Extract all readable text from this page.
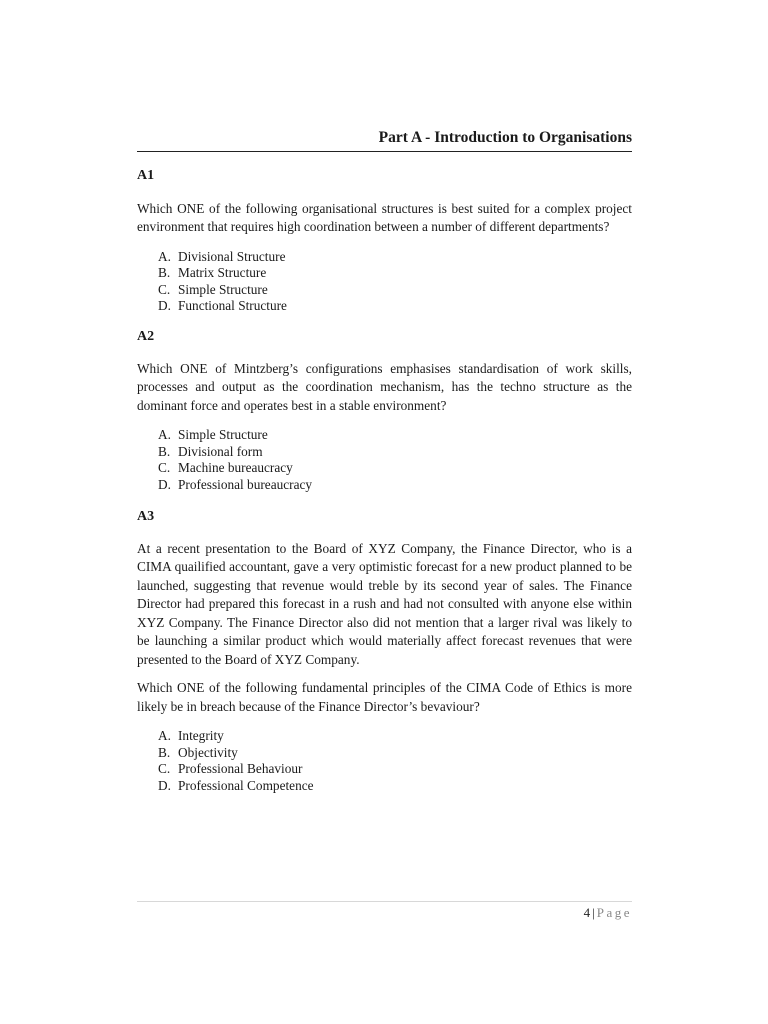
Part A - Introduction to Organisations

A1

Which ONE of the following organisational structures is best suited for a complex project environment that requires high coordination between a number of different departments?

A. Divisional Structure
B. Matrix Structure
C. Simple Structure
D. Functional Structure

A2

Which ONE of Mintzberg’s configurations emphasises standardisation of work skills, processes and output as the coordination mechanism, has the techno structure as the dominant force and operates best in a stable environment?

A. Simple Structure
B. Divisional form
C. Machine bureaucracy
D. Professional bureaucracy

A3

At a recent presentation to the Board of XYZ Company, the Finance Director, who is a CIMA quailified accountant, gave a very optimistic forecast for a new product planned to be launched, suggesting that revenue would treble by its second year of sales. The Finance Director had prepared this forecast in a rush and had not consulted with anyone else within XYZ Company. The Finance Director also did not mention that a larger rival was likely to be launching a similar product which would materially affect forecast revenues that were presented to the Board of XYZ Company.

Which ONE of the following fundamental principles of the CIMA Code of Ethics is more likely be in breach because of the Finance Director’s bevaviour?

A. Integrity
B. Objectivity
C. Professional Behaviour
D. Professional Competence
4 | Page
